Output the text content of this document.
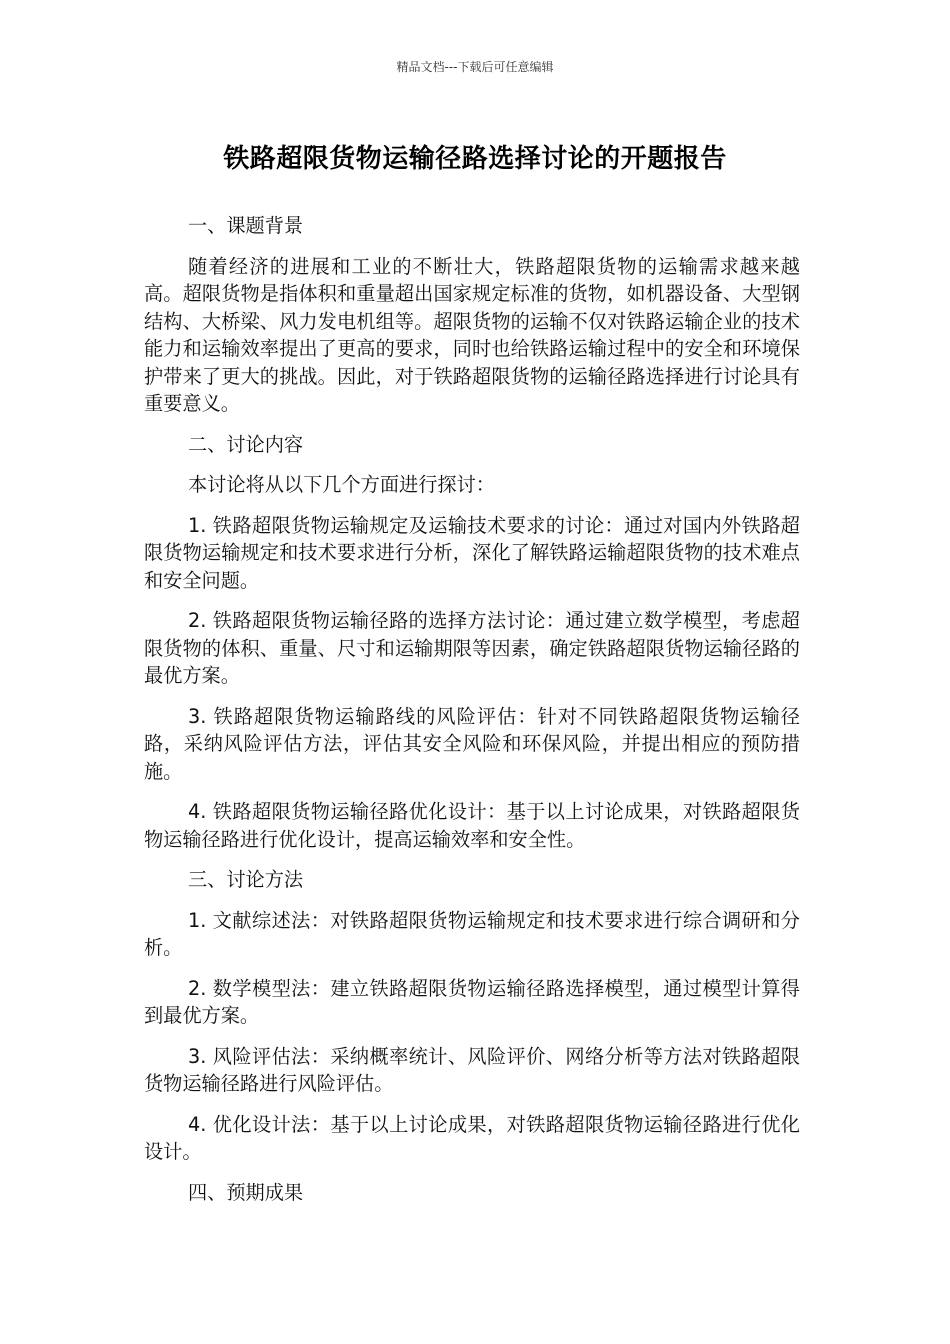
精品文档---下载后可任意编辑
铁路超限货物运输径路选择讨论的开题报告

一、课题背景

随着经济的进展和工业的不断壮大，铁路超限货物的运输需求越来越高。超限货物是指体积和重量超出国家规定标准的货物，如机器设备、大型钢结构、大桥梁、风力发电机组等。超限货物的运输不仅对铁路运输企业的技术能力和运输效率提出了更高的要求，同时也给铁路运输过程中的安全和环境保护带来了更大的挑战。因此，对于铁路超限货物的运输径路选择进行讨论具有重要意义。

二、讨论内容

本讨论将从以下几个方面进行探讨：

1. 铁路超限货物运输规定及运输技术要求的讨论：通过对国内外铁路超限货物运输规定和技术要求进行分析，深化了解铁路运输超限货物的技术难点和安全问题。

2. 铁路超限货物运输径路的选择方法讨论：通过建立数学模型，考虑超限货物的体积、重量、尺寸和运输期限等因素，确定铁路超限货物运输径路的最优方案。

3. 铁路超限货物运输路线的风险评估：针对不同铁路超限货物运输径路，采纳风险评估方法，评估其安全风险和环保风险，并提出相应的预防措施。

4. 铁路超限货物运输径路优化设计：基于以上讨论成果，对铁路超限货物运输径路进行优化设计，提高运输效率和安全性。

三、讨论方法

1. 文献综述法：对铁路超限货物运输规定和技术要求进行综合调研和分析。

2. 数学模型法：建立铁路超限货物运输径路选择模型，通过模型计算得到最优方案。

3. 风险评估法：采纳概率统计、风险评价、网络分析等方法对铁路超限货物运输径路进行风险评估。

4. 优化设计法：基于以上讨论成果，对铁路超限货物运输径路进行优化设计。

四、预期成果
